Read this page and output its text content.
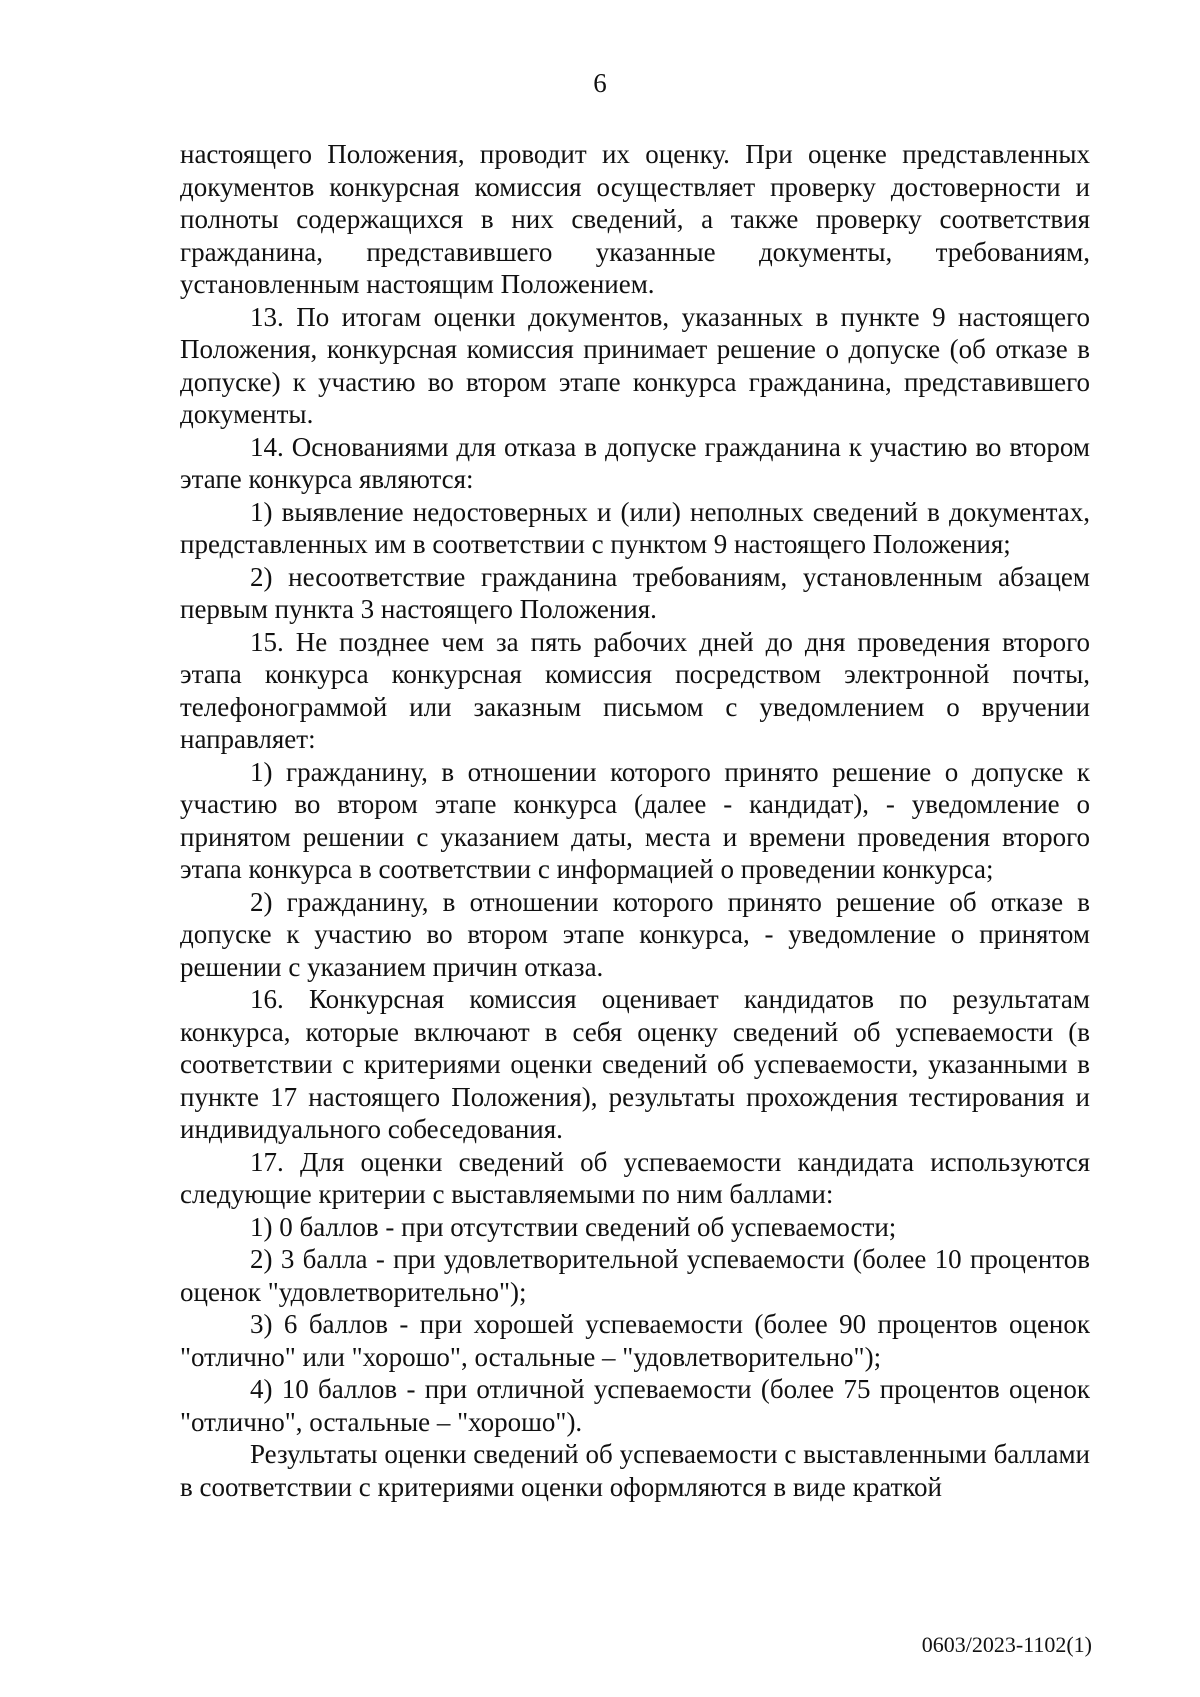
6

настоящего Положения, проводит их оценку. При оценке представленных документов конкурсная комиссия осуществляет проверку достоверности и полноты содержащихся в них сведений, а также проверку соответствия гражданина, представившего указанные документы, требованиям, установленным настоящим Положением.

13. По итогам оценки документов, указанных в пункте 9 настоящего Положения, конкурсная комиссия принимает решение о допуске (об отказе в допуске) к участию во втором этапе конкурса гражданина, представившего документы.

14. Основаниями для отказа в допуске гражданина к участию во втором этапе конкурса являются:

1) выявление недостоверных и (или) неполных сведений в документах, представленных им в соответствии с пунктом 9 настоящего Положения;

2) несоответствие гражданина требованиям, установленным абзацем первым пункта 3 настоящего Положения.

15. Не позднее чем за пять рабочих дней до дня проведения второго этапа конкурса конкурсная комиссия посредством электронной почты, телефонограммой или заказным письмом с уведомлением о вручении направляет:

1) гражданину, в отношении которого принято решение о допуске к участию во втором этапе конкурса (далее - кандидат), - уведомление о принятом решении с указанием даты, места и времени проведения второго этапа конкурса в соответствии с информацией о проведении конкурса;

2) гражданину, в отношении которого принято решение об отказе в допуске к участию во втором этапе конкурса, - уведомление о принятом решении с указанием причин отказа.

16. Конкурсная комиссия оценивает кандидатов по результатам конкурса, которые включают в себя оценку сведений об успеваемости (в соответствии с критериями оценки сведений об успеваемости, указанными в пункте 17 настоящего Положения), результаты прохождения тестирования и индивидуального собеседования.

17. Для оценки сведений об успеваемости кандидата используются следующие критерии с выставляемыми по ним баллами:

1) 0 баллов - при отсутствии сведений об успеваемости;

2) 3 балла - при удовлетворительной успеваемости (более 10 процентов оценок "удовлетворительно");

3) 6 баллов - при хорошей успеваемости (более 90 процентов оценок "отлично" или "хорошо", остальные – "удовлетворительно");

4) 10 баллов - при отличной успеваемости (более 75 процентов оценок "отлично", остальные – "хорошо").

Результаты оценки сведений об успеваемости с выставленными баллами в соответствии с критериями оценки оформляются в виде краткой

0603/2023-1102(1)
